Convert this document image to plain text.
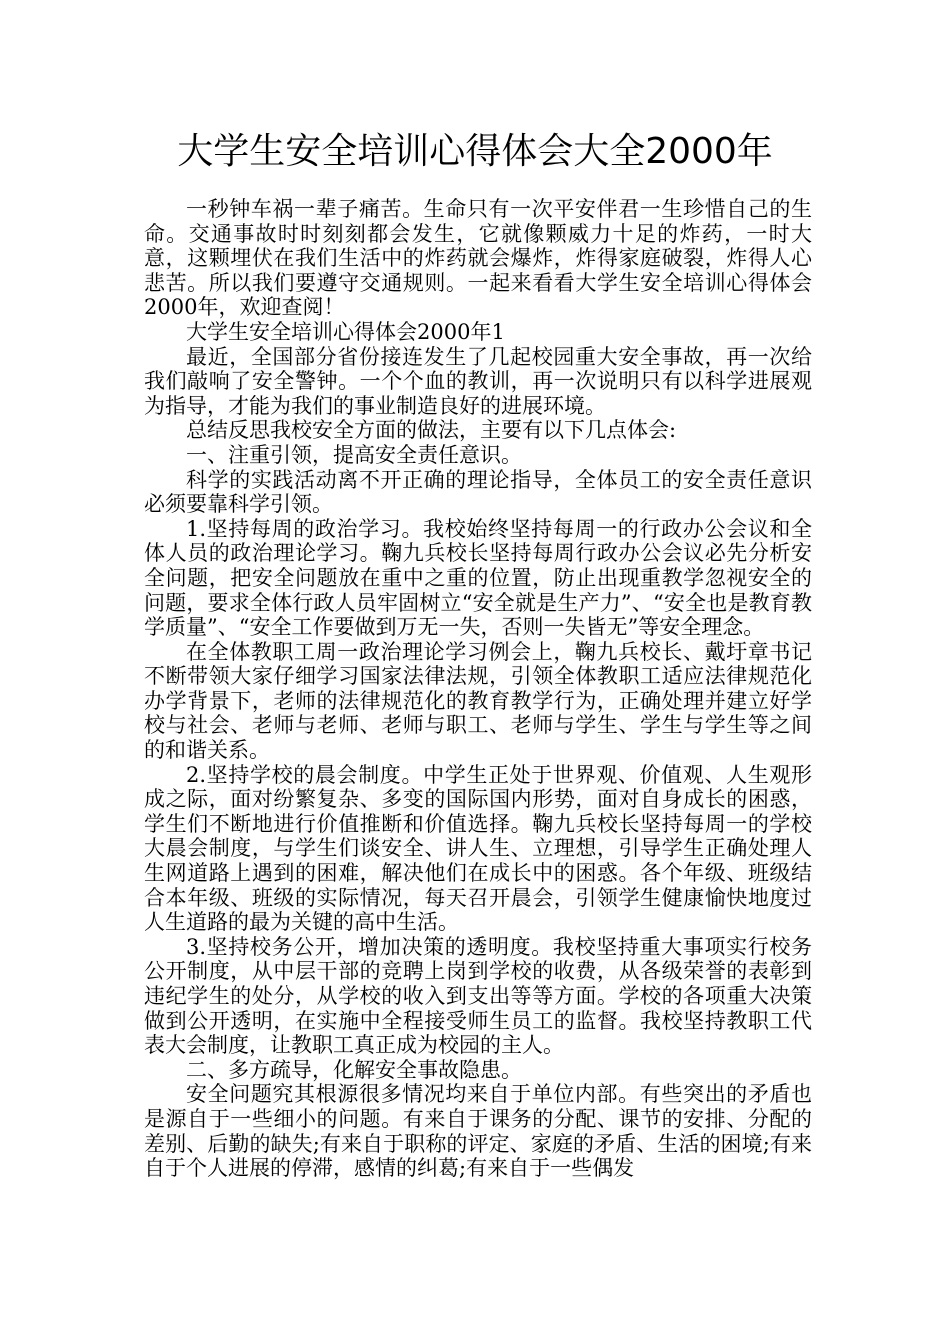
大学生安全培训心得体会大全2000年

一秒钟车祸一辈子痛苦。生命只有一次平安伴君一生珍惜自己的生命。交通事故时时刻刻都会发生，它就像颗威力十足的炸药，一时大意，这颗埋伏在我们生活中的炸药就会爆炸，炸得家庭破裂，炸得人心悲苦。所以我们要遵守交通规则。一起来看看大学生安全培训心得体会2000年，欢迎查阅！

大学生安全培训心得体会2000年1

最近，全国部分省份接连发生了几起校园重大安全事故，再一次给我们敲响了安全警钟。一个个血的教训，再一次说明只有以科学进展观为指导，才能为我们的事业制造良好的进展环境。

总结反思我校安全方面的做法，主要有以下几点体会:

一、注重引领，提高安全责任意识。

科学的实践活动离不开正确的理论指导，全体员工的安全责任意识必须要靠科学引领。

1.坚持每周的政治学习。我校始终坚持每周一的行政办公会议和全体人员的政治理论学习。鞠九兵校长坚持每周行政办公会议必先分析安全问题，把安全问题放在重中之重的位置，防止出现重教学忽视安全的问题，要求全体行政人员牢固树立“安全就是生产力”、“安全也是教育教学质量”、“安全工作要做到万无一失，否则一失皆无”等安全理念。

在全体教职工周一政治理论学习例会上，鞠九兵校长、戴圩章书记不断带领大家仔细学习国家法律法规，引领全体教职工适应法律规范化办学背景下，老师的法律规范化的教育教学行为，正确处理并建立好学校与社会、老师与老师、老师与职工、老师与学生、学生与学生等之间的和谐关系。

2.坚持学校的晨会制度。中学生正处于世界观、价值观、人生观形成之际，面对纷繁复杂、多变的国际国内形势，面对自身成长的困惑，学生们不断地进行价值推断和价值选择。鞠九兵校长坚持每周一的学校大晨会制度，与学生们谈安全、讲人生、立理想，引导学生正确处理人生网道路上遇到的困难，解决他们在成长中的困惑。各个年级、班级结合本年级、班级的实际情况，每天召开晨会，引领学生健康愉快地度过人生道路的最为关键的高中生活。

3.坚持校务公开，增加决策的透明度。我校坚持重大事项实行校务公开制度，从中层干部的竞聘上岗到学校的收费，从各级荣誉的表彰到违纪学生的处分，从学校的收入到支出等等方面。学校的各项重大决策做到公开透明，在实施中全程接受师生员工的监督。我校坚持教职工代表大会制度，让教职工真正成为校园的主人。

二、多方疏导，化解安全事故隐患。

安全问题究其根源很多情况均来自于单位内部。有些突出的矛盾也是源自于一些细小的问题。有来自于课务的分配、课节的安排、分配的差别、后勤的缺失;有来自于职称的评定、家庭的矛盾、生活的困境;有来自于个人进展的停滞，感情的纠葛;有来自于一些偶发
